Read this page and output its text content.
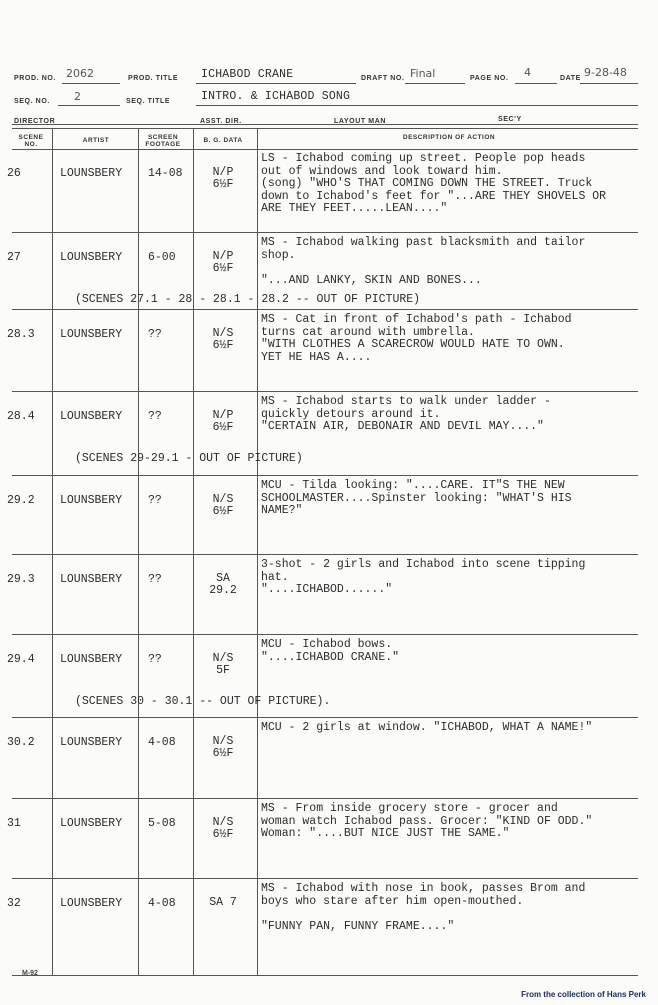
PROD. NO. 2062	PROD. TITLE ICHABOD CRANE	DRAFT NO. Final	PAGE NO. 4	DATE 9-28-48
SEQ. NO. 2	SEQ. TITLE	INTRO. & ICHABOD SONG
DIRECTOR	ASST. DIR.	LAYOUT MAN	SEC'Y
SCENE NO.
ARTIST	SCREEN FOOTAGE
B. G. DATA	DESCRIPTION OF ACTION
26	LOUNSBERY 14-08	N/P
6½F
LS - Ichabod coming up street. People pop heads
out of windows and look toward him.
(song) "WHO'S THAT COMING DOWN THE STREET. Truck
down to Ichabod's feet for "...ARE THEY SHOVELS OR
ARE THEY FEET.....LEAN...."
27	LOUNSBERY 6-00	N/P
6½F
MS - Ichabod walking past blacksmith and tailor
shop.

"...AND LANKY, SKIN AND BONES...
(SCENES 27.1 - 28 - 28.1 - 28.2 -- OUT OF PICTURE)
28.3 LOUNSBERY ??	N/S
6½F
MS - Cat in front of Ichabod's path - Ichabod
turns cat around with umbrella.
"WITH CLOTHES A SCARECROW WOULD HATE TO OWN.
YET HE HAS A....
28.4 LOUNSBERY ??	N/P
6½F
MS - Ichabod starts to walk under ladder -
quickly detours around it.
"CERTAIN AIR, DEBONAIR AND DEVIL MAY...."
(SCENES 29-29.1 - OUT OF PICTURE)
29.2 LOUNSBERY ??	N/S
6½F
MCU - Tilda looking: "....CARE. IT"S THE NEW
SCHOOLMASTER....Spinster looking: "WHAT'S HIS
NAME?"
29.3 LOUNSBERY ??	SA
29.2
3-shot - 2 girls and Ichabod into scene tipping
hat.
"....ICHABOD......"
29.4 LOUNSBERY ??	N/S
5F
MCU - Ichabod bows.
"....ICHABOD CRANE."
(SCENES 30 - 30.1 -- OUT OF PICTURE).
30.2 LOUNSBERY 4-08	N/S
6½F
MCU - 2 girls at window. "ICHABOD, WHAT A NAME!"
31	LOUNSBERY 5-08	N/S
6½F
MS - From inside grocery store - grocer and
woman watch Ichabod pass. Grocer: "KIND OF ODD."
Woman: "....BUT NICE JUST THE SAME."
32	LOUNSBERY 4-08	SA 7
MS - Ichabod with nose in book, passes Brom and
boys who stare after him open-mouthed.

"FUNNY PAN, FUNNY FRAME...."
M-92
From the collection of Hans Perk
